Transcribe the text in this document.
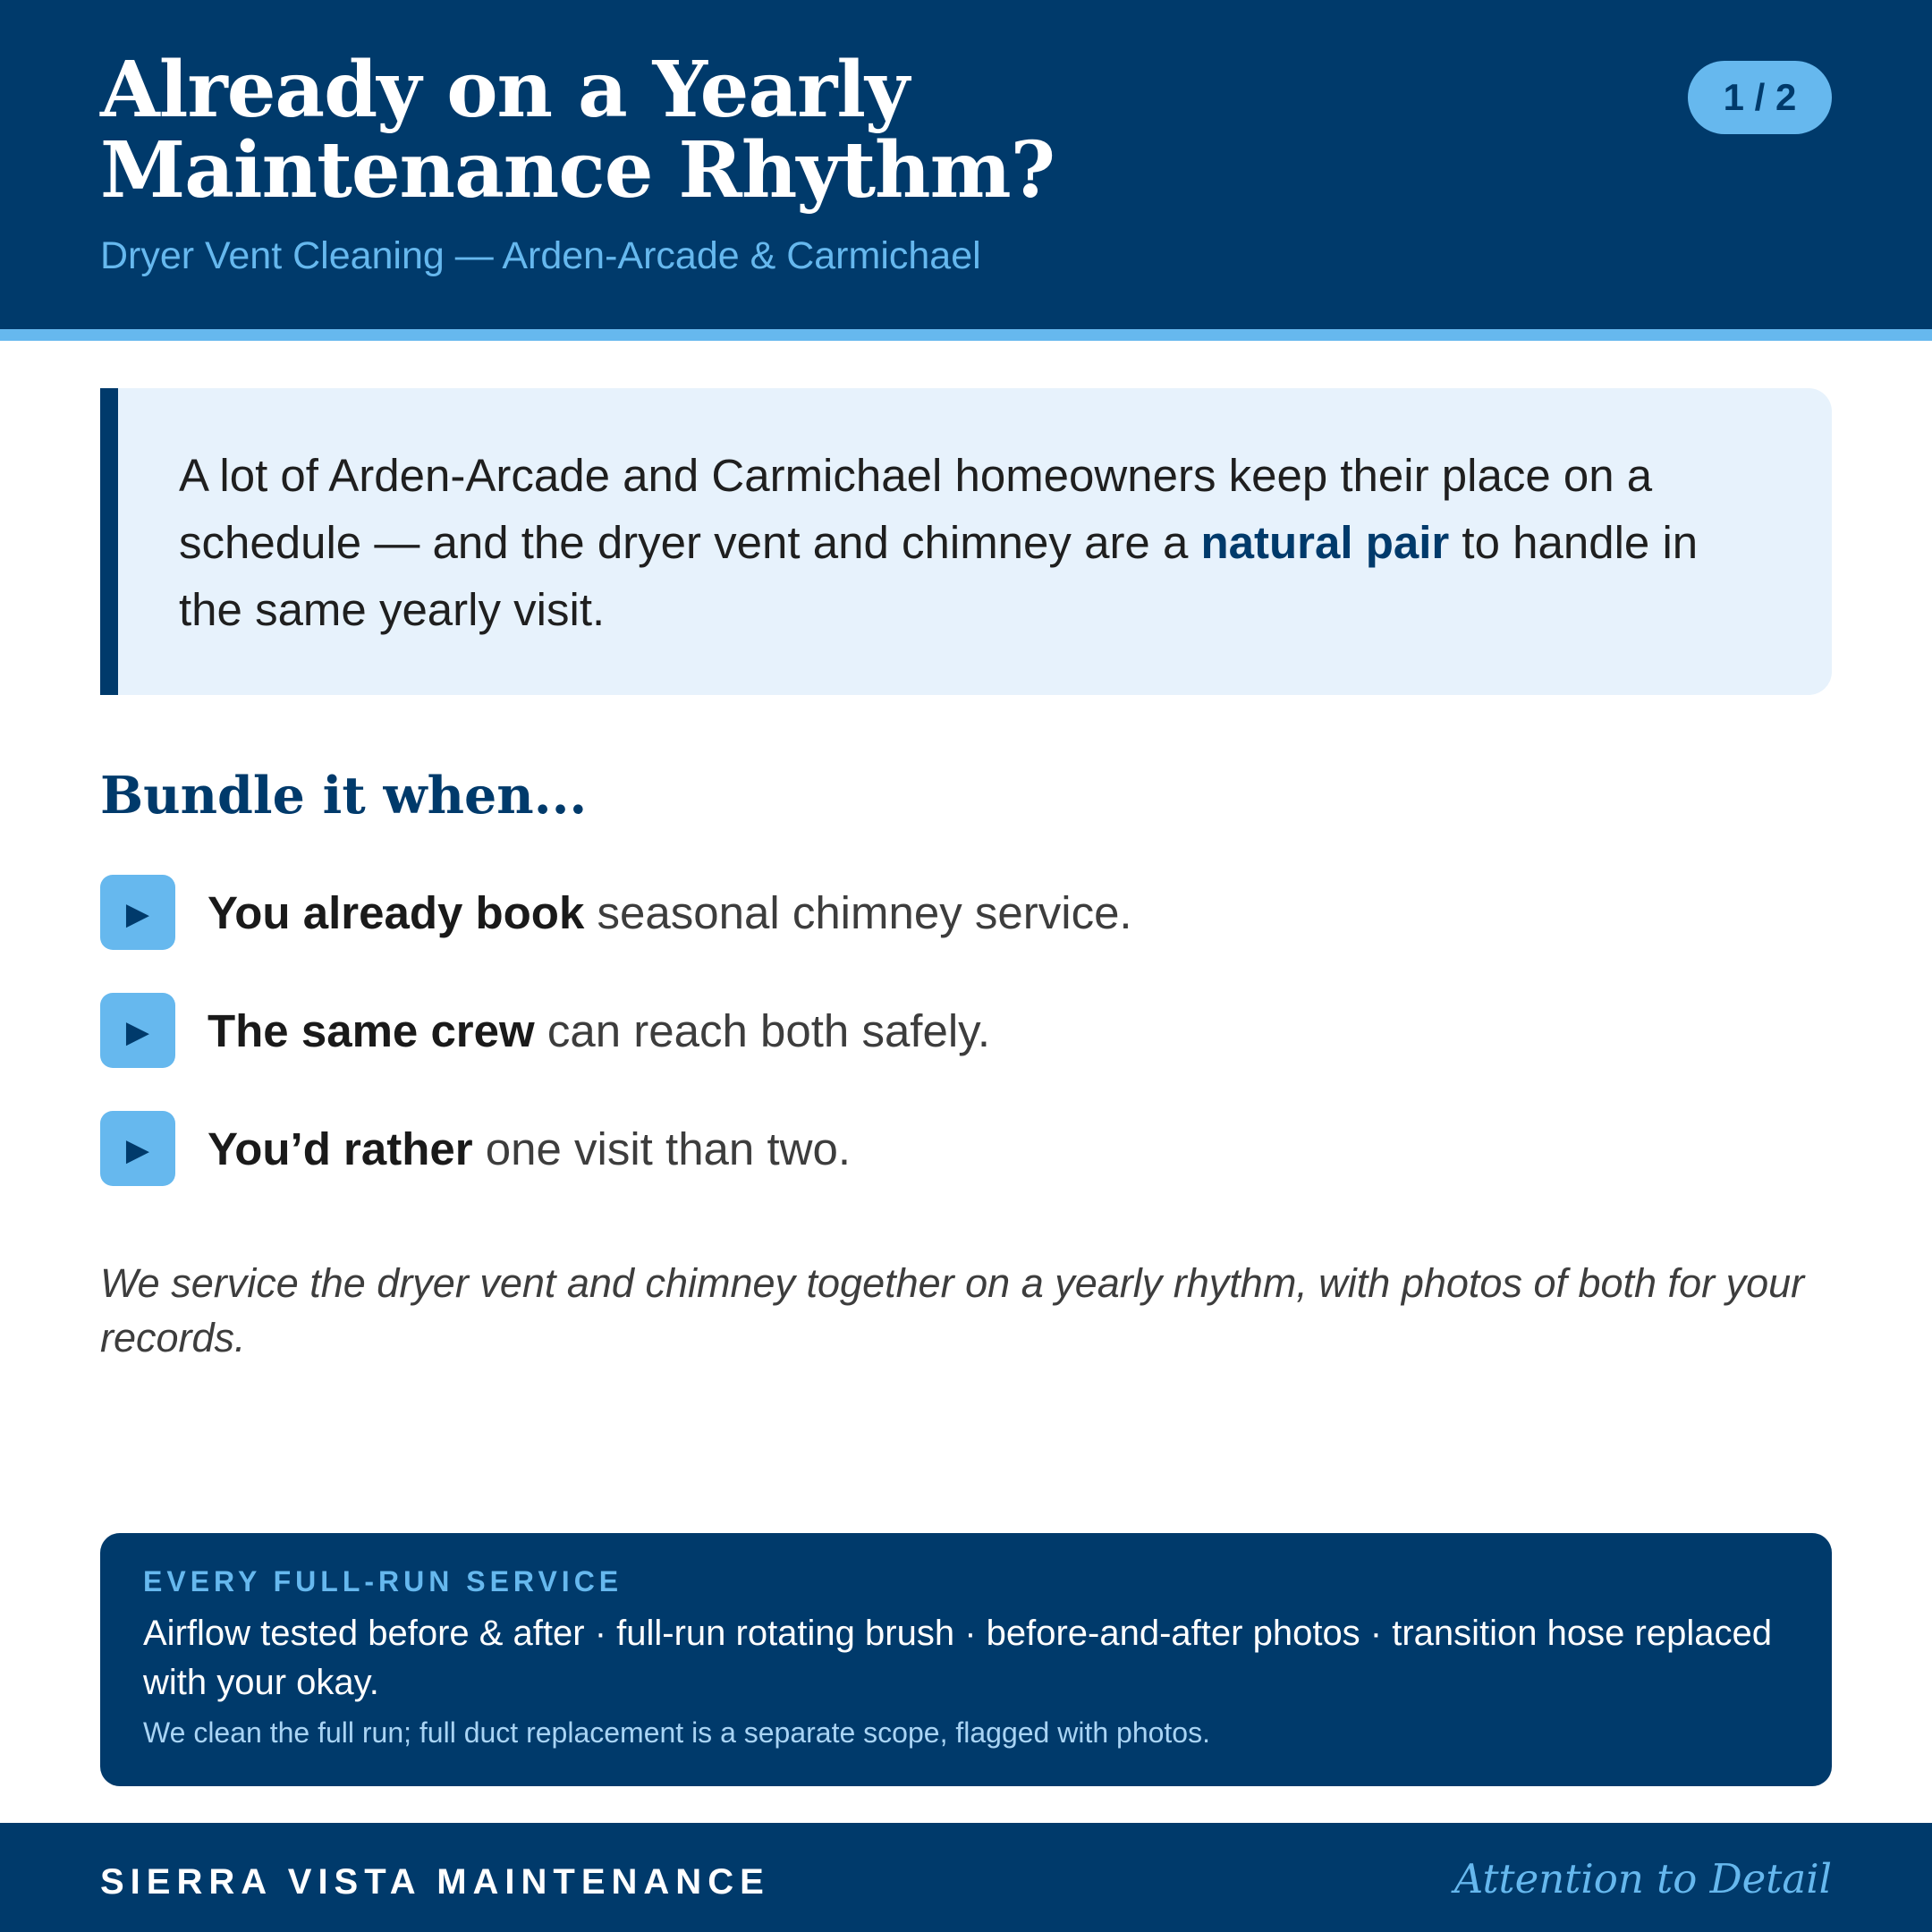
Already on a Yearly
Maintenance Rhythm?
Dryer Vent Cleaning — Arden-Arcade & Carmichael
1 / 2
A lot of Arden-Arcade and Carmichael homeowners keep their place on a schedule — and the dryer vent and chimney are a natural pair to handle in the same yearly visit.
Bundle it when...
▶ You already book seasonal chimney service.
▶ The same crew can reach both safely.
▶ You’d rather one visit than two.

We service the dryer vent and chimney together on a yearly rhythm, with photos of both for your records.

EVERY FULL-RUN SERVICE
Airflow tested before & after · full-run rotating brush · before-and-after photos · transition hose replaced with your okay.
We clean the full run; full duct replacement is a separate scope, flagged with photos.
SIERRA VISTA MAINTENANCE	Attention to Detail
